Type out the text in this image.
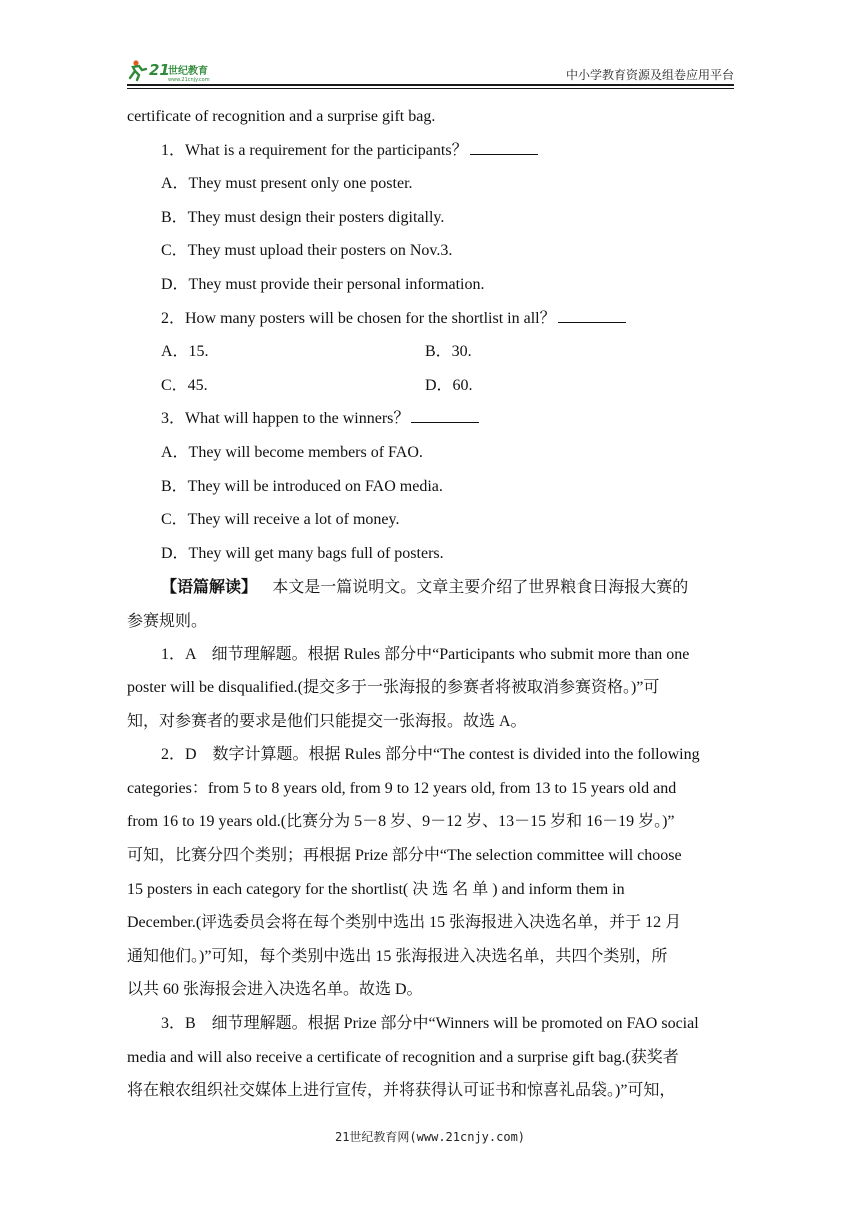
21
世纪教育
www.21cnjy.com	中小学教育资源及组卷应用平台

certificate of recognition and a surprise gift bag.

1．What is a requirement for the participants？

A．They must present only one poster.

B．They must design their posters digitally.

C．They must upload their posters on Nov.3.

D．They must provide their personal information.

2．How many posters will be chosen for the shortlist in all？

A．15.	B．30.
C．45.	D．60.

3．What will happen to the winners？

A．They will become members of FAO.

B．They will be introduced on FAO media.

C．They will receive a lot of money.

D．They will get many bags full of posters.

【语篇解读】 本文是一篇说明文。文章主要介绍了世界粮食日海报大赛的

参赛规则。

1．A　细节理解题。根据 Rules 部分中“Participants who submit more than one

poster will be disqualified.(提交多于一张海报的参赛者将被取消参赛资格。)”可

知，对参赛者的要求是他们只能提交一张海报。故选 A。

2．D　数字计算题。根据 Rules 部分中“The contest is divided into the following

categories：from 5 to 8 years old, from 9 to 12 years old, from 13 to 15 years old and

from 16 to 19 years old.(比赛分为 5－8 岁、9－12 岁、13－15 岁和 16－19 岁。)”

可知，比赛分四个类别；再根据 Prize 部分中“The selection committee will choose

15 posters in each category for the shortlist( 决 选 名 单 ) and inform them in

December.(评选委员会将在每个类别中选出 15 张海报进入决选名单，并于 12 月

通知他们。)”可知，每个类别中选出 15 张海报进入决选名单，共四个类别，所

以共 60 张海报会进入决选名单。故选 D。

3．B　细节理解题。根据 Prize 部分中“Winners will be promoted on FAO social

media and will also receive a certificate of recognition and a surprise gift bag.(获奖者

将在粮农组织社交媒体上进行宣传，并将获得认可证书和惊喜礼品袋。)”可知，

21世纪教育网(www.21cnjy.com)
